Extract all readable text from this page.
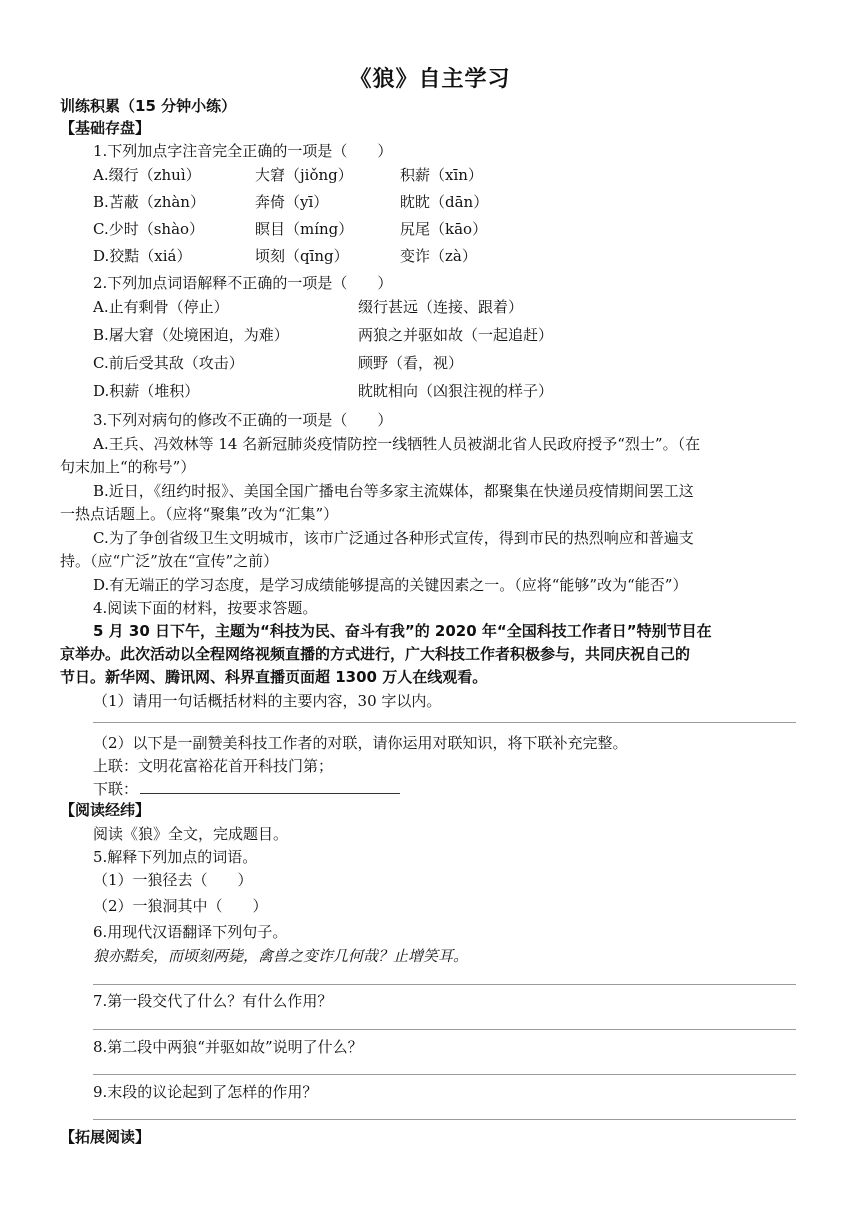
《狼》自主学习
训练积累（15 分钟小练）
【基础存盘】
1.下列加点字注音完全正确的一项是（　　）
A.缀行（zhuì）	大窘（jiǒng）	积薪（xīn）
B.苫蔽（zhàn）	奔倚（yī）	眈眈（dān）
C.少时（shào）	瞑目（míng）	尻尾（kāo）
D.狡黠（xiá）	顷刻（qīng）	变诈（zà）
2.下列加点词语解释不正确的一项是（　　）
A.止有剩骨（停止）	缀行甚远（连接、跟着）
B.屠大窘（处境困迫，为难）	两狼之并驱如故（一起追赶）
C.前后受其敌（攻击）	顾野（看，视）
D.积薪（堆积）	眈眈相向（凶狠注视的样子）
3.下列对病句的修改不正确的一项是（　　）
A.王兵、冯效林等 14 名新冠肺炎疫情防控一线牺牲人员被湖北省人民政府授予“烈士”。（在
句末加上“的称号”）
B.近日，《纽约时报》、美国全国广播电台等多家主流媒体，都聚集在快递员疫情期间罢工这
一热点话题上。（应将“聚集”改为“汇集”）
C.为了争创省级卫生文明城市，该市广泛通过各种形式宣传，得到市民的热烈响应和普遍支
持。（应“广泛”放在“宣传”之前）
D.有无端正的学习态度，是学习成绩能够提高的关键因素之一。（应将“能够”改为“能否”）
4.阅读下面的材料，按要求答题。
5 月 30 日下午，主题为“科技为民、奋斗有我”的 2020 年“全国科技工作者日”特别节目在
京举办。此次活动以全程网络视频直播的方式进行，广大科技工作者积极参与，共同庆祝自己的
节日。新华网、腾讯网、科界直播页面超 1300 万人在线观看。
（1）请用一句话概括材料的主要内容，30 字以内。
（2）以下是一副赞美科技工作者的对联，请你运用对联知识，将下联补充完整。
上联：文明花富裕花首开科技门第；
下联：
【阅读经纬】
阅读《狼》全文，完成题目。
5.解释下列加点的词语。
（1）一狼径去（　　）
（2）一狼洞其中（　　）
6.用现代汉语翻译下列句子。
狼亦黠矣，而顷刻两毙，禽兽之变诈几何哉？止增笑耳。
7.第一段交代了什么？有什么作用？
8.第二段中两狼“并驱如故”说明了什么？
9.末段的议论起到了怎样的作用？
【拓展阅读】
